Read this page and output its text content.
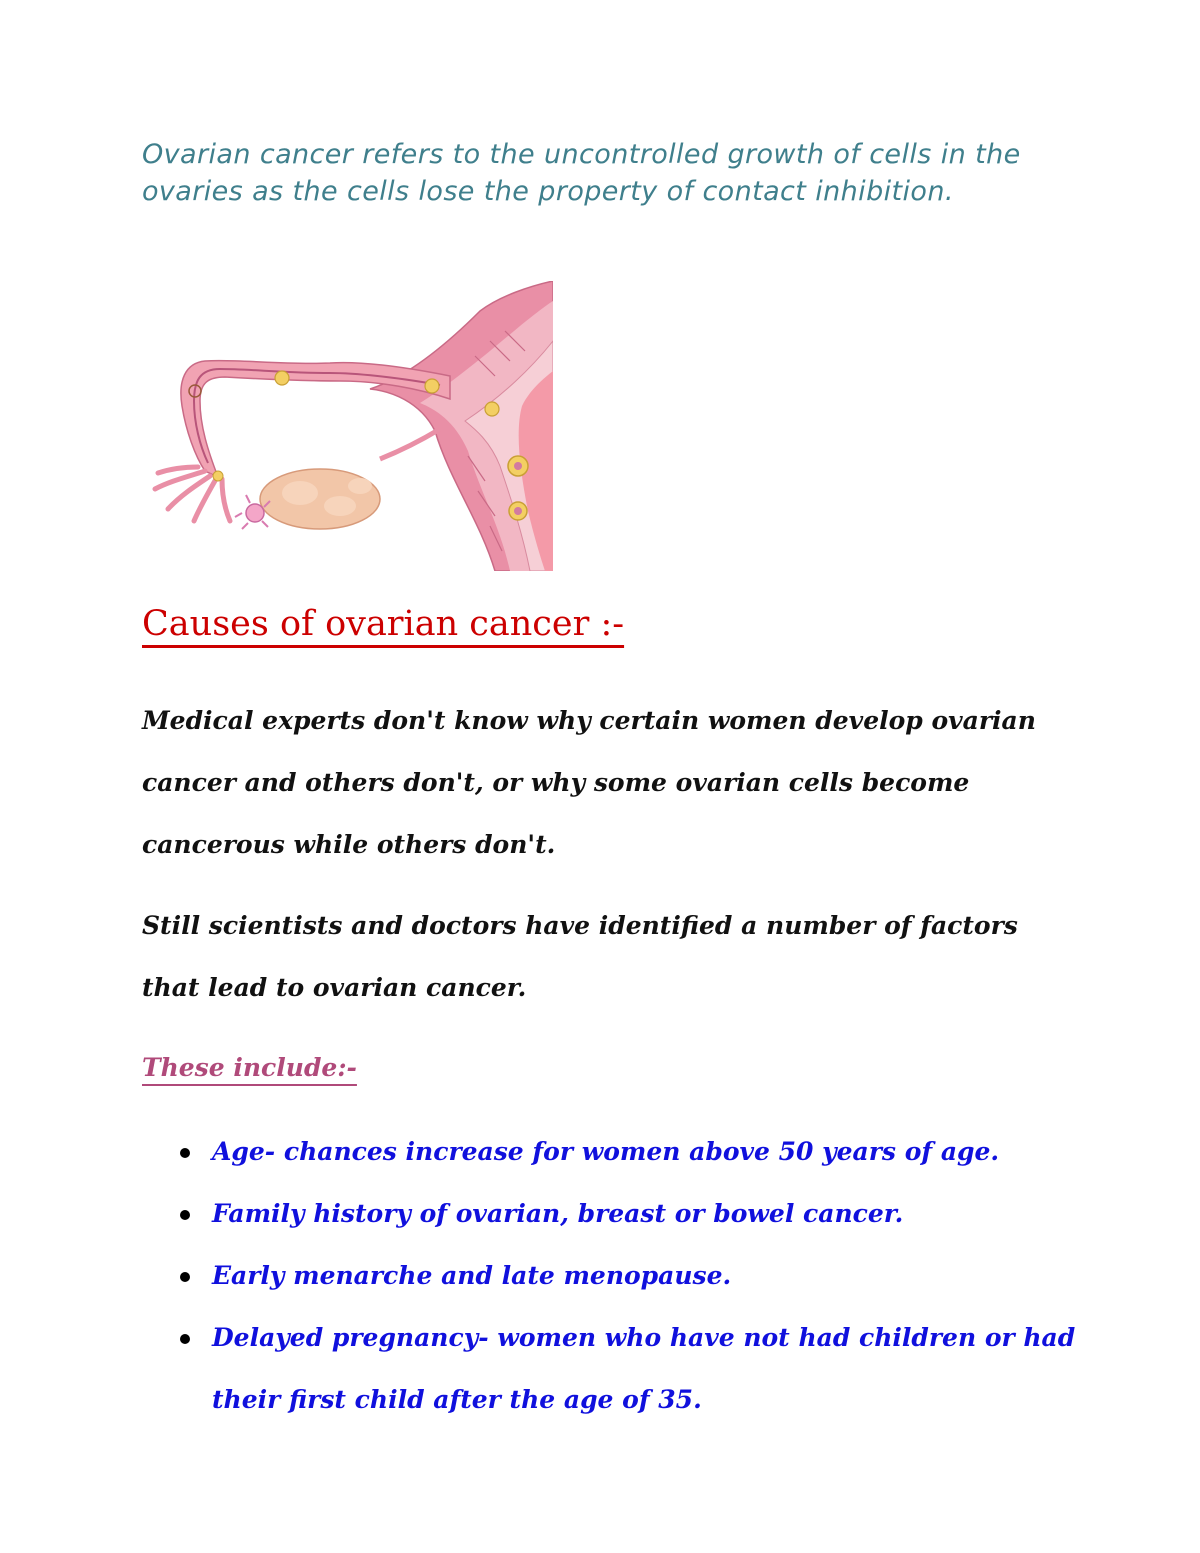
Ovarian cancer refers to the uncontrolled growth of cells in the ovaries as the cells lose the property of contact inhibition.

Causes of ovarian cancer :-

Medical experts don't know why certain women develop ovarian cancer and others don't, or why some ovarian cells become cancerous while others don't.

Still scientists and doctors have identified a number of factors that lead to ovarian cancer.

These include:-
Age- chances increase for women above 50 years of age.
Family history of ovarian, breast or bowel cancer.
Early menarche and late menopause.
Delayed pregnancy- women who have not had children or had their first child after the age of 35.
